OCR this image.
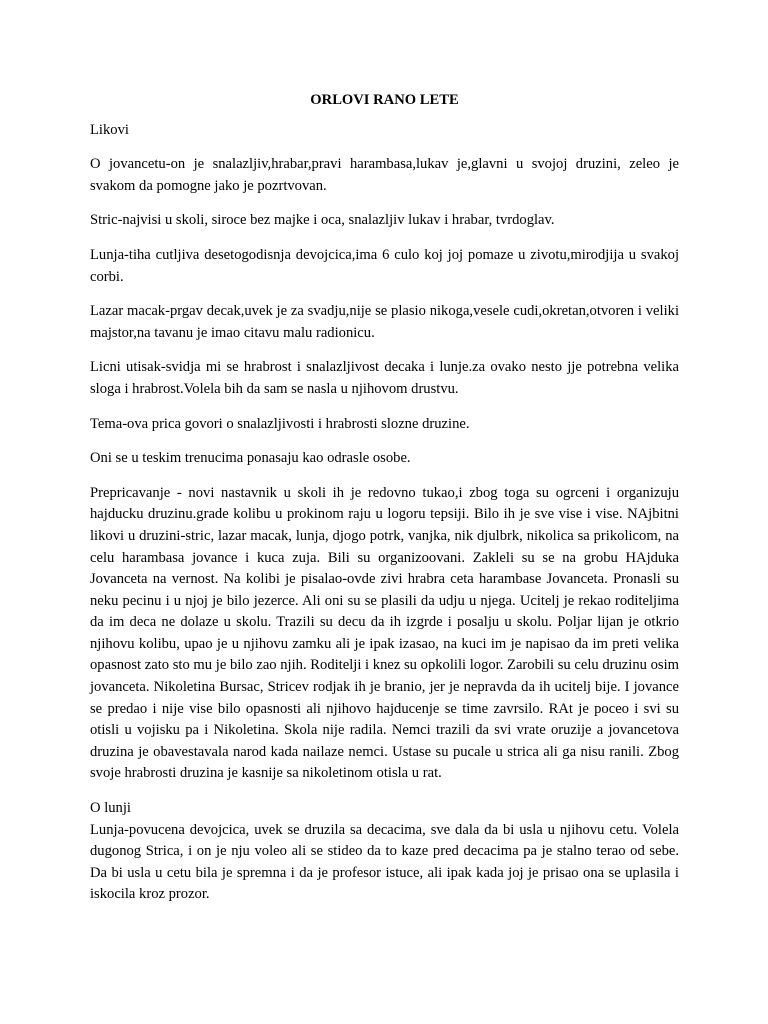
ORLOVI RANO LETE
Likovi

O jovancetu-on je snalazljiv,hrabar,pravi harambasa,lukav je,glavni u svojoj druzini, zeleo je svakom da pomogne jako je pozrtvovan.

Stric-najvisi u skoli, siroce bez majke i oca, snalazljiv lukav i hrabar, tvrdoglav.

Lunja-tiha cutljiva desetogodisnja devojcica,ima 6 culo koj joj pomaze u zivotu,mirodjija u svakoj corbi.

Lazar macak-prgav decak,uvek je za svadju,nije se plasio nikoga,vesele cudi,okretan,otvoren i veliki majstor,na tavanu je imao citavu malu radionicu.

Licni utisak-svidja mi se hrabrost i snalazljivost decaka i lunje.za ovako nesto jje potrebna velika sloga i hrabrost.Volela bih da sam se nasla u njihovom drustvu.

Tema-ova prica govori o snalazljivosti i hrabrosti slozne druzine.

Oni se u teskim trenucima ponasaju kao odrasle osobe.

Prepricavanje - novi nastavnik u skoli ih je redovno tukao,i zbog toga su ogrceni i organizuju hajducku druzinu.grade kolibu u prokinom raju u logoru tepsiji. Bilo ih je sve vise i vise. NAjbitni likovi u druzini-stric, lazar macak, lunja, djogo potrk, vanjka, nik djulbrk, nikolica sa prikolicom, na celu harambasa jovance i kuca zuja. Bili su organizoovani. Zakleli su se na grobu HAjduka Jovanceta na vernost. Na kolibi je pisalao-ovde zivi hrabra ceta harambase Jovanceta. Pronasli su neku pecinu i u njoj je bilo jezerce. Ali oni su se plasili da udju u njega. Ucitelj je rekao roditeljima da im deca ne dolaze u skolu. Trazili su decu da ih izgrde i posalju u skolu. Poljar lijan je otkrio njihovu kolibu, upao je u njihovu zamku ali je ipak izasao, na kuci im je napisao da im preti velika opasnost zato sto mu je bilo zao njih. Roditelji i knez su opkolili logor. Zarobili su celu druzinu osim jovanceta. Nikoletina Bursac, Stricev rodjak ih je branio, jer je nepravda da ih ucitelj bije. I jovance se predao i nije vise bilo opasnosti ali njihovo hajducenje se time zavrsilo. RAt je poceo i svi su otisli u vojisku pa i Nikoletina. Skola nije radila. Nemci trazili da svi vrate oruzije a jovancetova druzina je obavestavala narod kada nailaze nemci. Ustase su pucale u strica ali ga nisu ranili. Zbog svoje hrabrosti druzina je kasnije sa nikoletinom otisla u rat.

O lunji

Lunja-povucena devojcica, uvek se druzila sa decacima, sve dala da bi usla u njihovu cetu. Volela dugonog Strica, i on je nju voleo ali se stideo da to kaze pred decacima pa je stalno terao od sebe. Da bi usla u cetu bila je spremna i da je profesor istuce, ali ipak kada joj je prisao ona se uplasila i iskocila kroz prozor.
